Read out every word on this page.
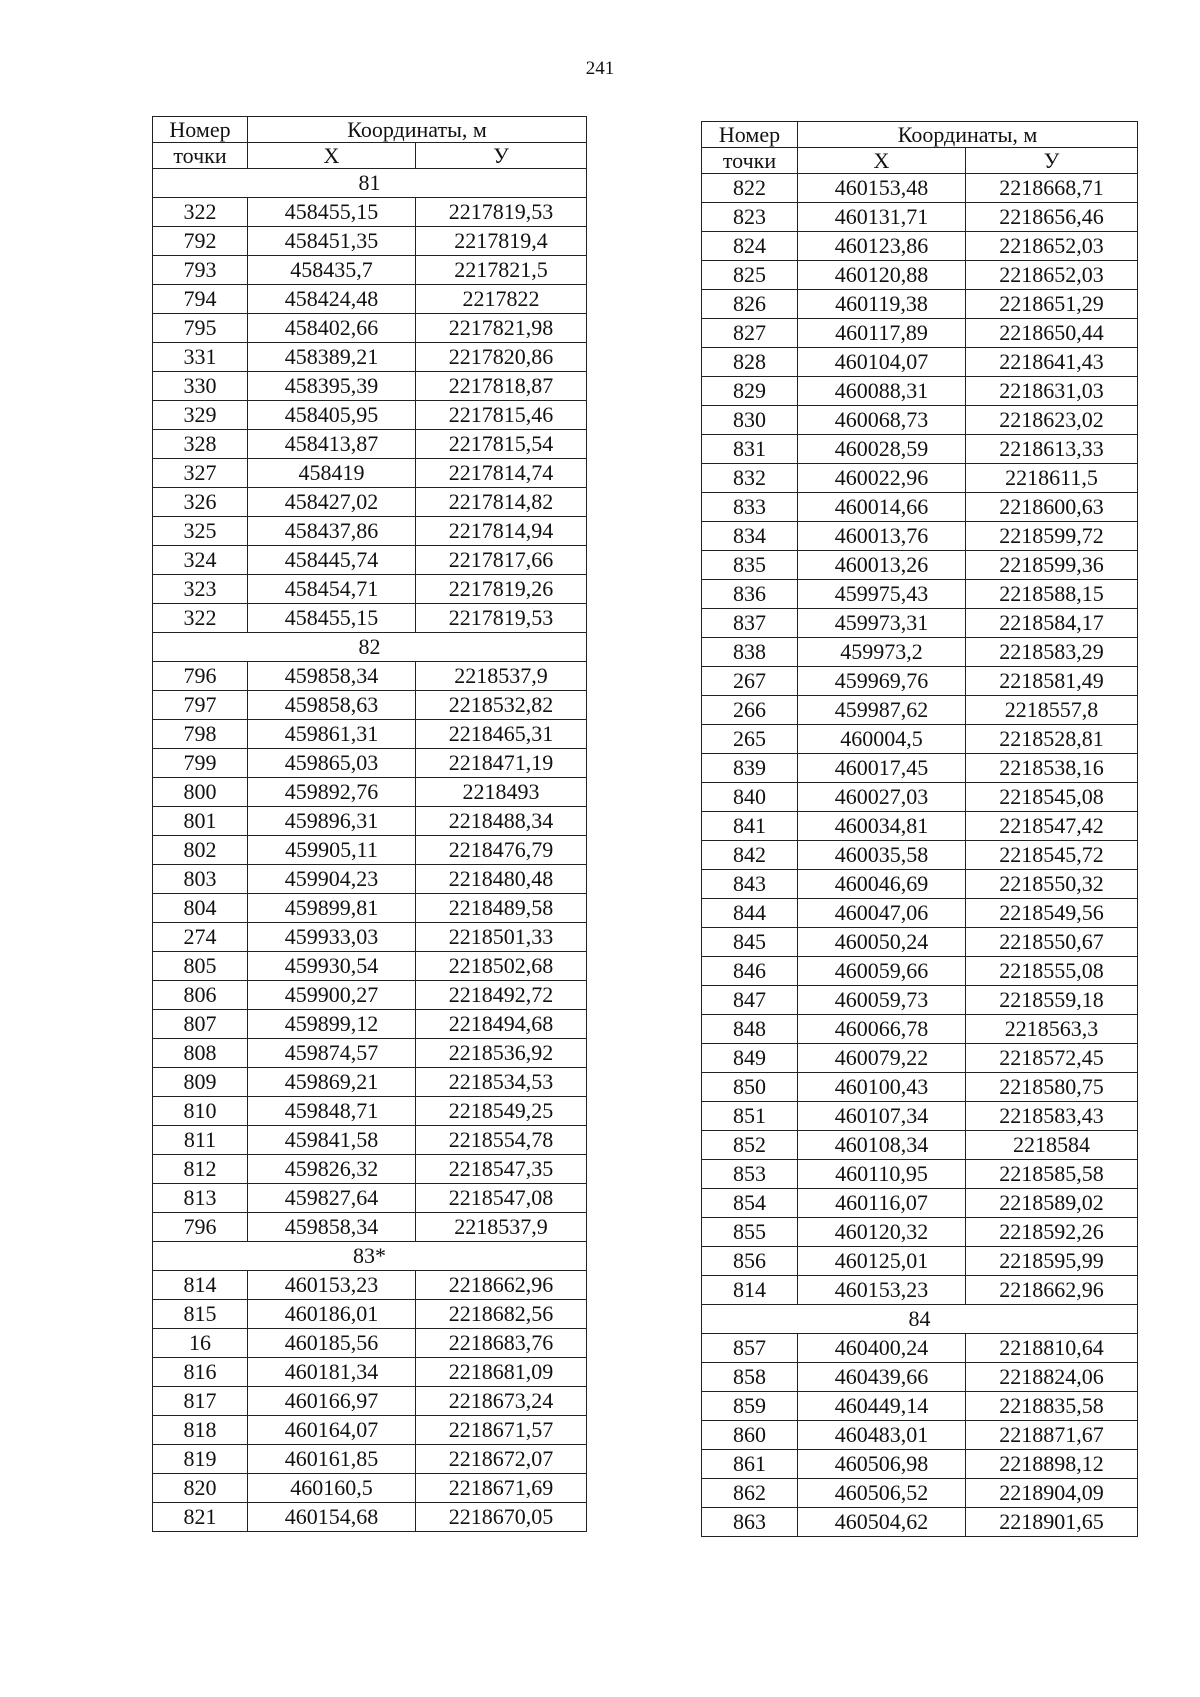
241
Номер	Координаты, м	
точки	Х	У
81		
322	458455,15	2217819,53
792	458451,35	2217819,4
793	458435,7	2217821,5
794	458424,48	2217822
795	458402,66	2217821,98
331	458389,21	2217820,86
330	458395,39	2217818,87
329	458405,95	2217815,46
328	458413,87	2217815,54
327	458419	2217814,74
326	458427,02	2217814,82
325	458437,86	2217814,94
324	458445,74	2217817,66
323	458454,71	2217819,26
322	458455,15	2217819,53
82		
796	459858,34	2218537,9
797	459858,63	2218532,82
798	459861,31	2218465,31
799	459865,03	2218471,19
800	459892,76	2218493
801	459896,31	2218488,34
802	459905,11	2218476,79
803	459904,23	2218480,48
804	459899,81	2218489,58
274	459933,03	2218501,33
805	459930,54	2218502,68
806	459900,27	2218492,72
807	459899,12	2218494,68
808	459874,57	2218536,92
809	459869,21	2218534,53
810	459848,71	2218549,25
811	459841,58	2218554,78
812	459826,32	2218547,35
813	459827,64	2218547,08
796	459858,34	2218537,9
83*		
814	460153,23	2218662,96
815	460186,01	2218682,56
16	460185,56	2218683,76
816	460181,34	2218681,09
817	460166,97	2218673,24
818	460164,07	2218671,57
819	460161,85	2218672,07
820	460160,5	2218671,69
821	460154,68	2218670,05
Номер	Координаты, м	
точки	Х	У
822	460153,48	2218668,71
823	460131,71	2218656,46
824	460123,86	2218652,03
825	460120,88	2218652,03
826	460119,38	2218651,29
827	460117,89	2218650,44
828	460104,07	2218641,43
829	460088,31	2218631,03
830	460068,73	2218623,02
831	460028,59	2218613,33
832	460022,96	2218611,5
833	460014,66	2218600,63
834	460013,76	2218599,72
835	460013,26	2218599,36
836	459975,43	2218588,15
837	459973,31	2218584,17
838	459973,2	2218583,29
267	459969,76	2218581,49
266	459987,62	2218557,8
265	460004,5	2218528,81
839	460017,45	2218538,16
840	460027,03	2218545,08
841	460034,81	2218547,42
842	460035,58	2218545,72
843	460046,69	2218550,32
844	460047,06	2218549,56
845	460050,24	2218550,67
846	460059,66	2218555,08
847	460059,73	2218559,18
848	460066,78	2218563,3
849	460079,22	2218572,45
850	460100,43	2218580,75
851	460107,34	2218583,43
852	460108,34	2218584
853	460110,95	2218585,58
854	460116,07	2218589,02
855	460120,32	2218592,26
856	460125,01	2218595,99
814	460153,23	2218662,96
84		
857	460400,24	2218810,64
858	460439,66	2218824,06
859	460449,14	2218835,58
860	460483,01	2218871,67
861	460506,98	2218898,12
862	460506,52	2218904,09
863	460504,62	2218901,65
